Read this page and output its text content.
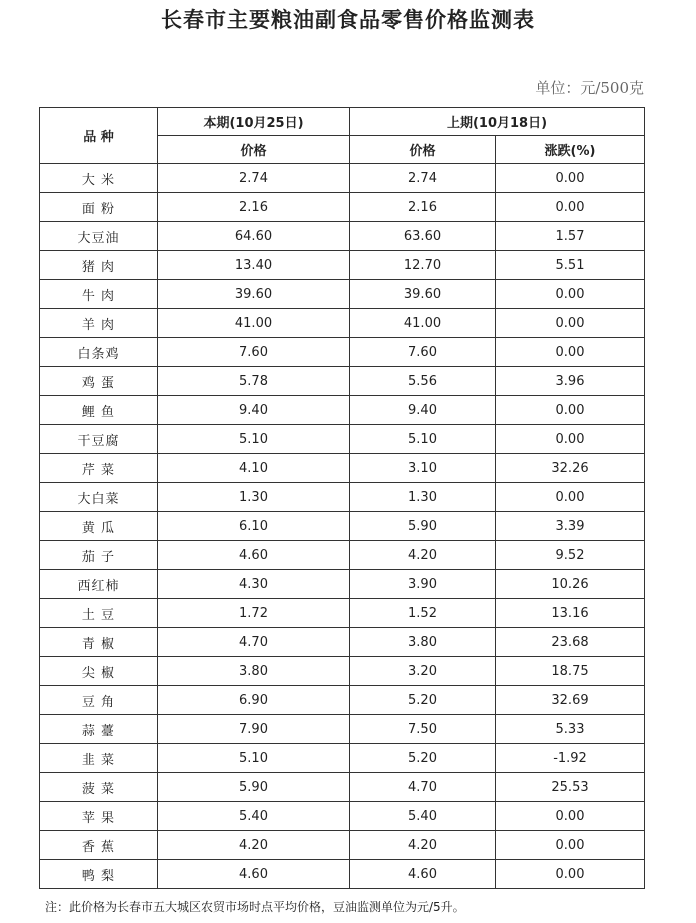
长春市主要粮油副食品零售价格监测表
单位：元/500克
品 种	本期(10月25日)	上期(10月18日)	
	价格	价格	涨跌(%)
大 米	2.74	2.74	0.00
面 粉	2.16	2.16	0.00
大豆油	64.60	63.60	1.57
猪 肉	13.40	12.70	5.51
牛 肉	39.60	39.60	0.00
羊 肉	41.00	41.00	0.00
白条鸡	7.60	7.60	0.00
鸡 蛋	5.78	5.56	3.96
鲤 鱼	9.40	9.40	0.00
干豆腐	5.10	5.10	0.00
芹 菜	4.10	3.10	32.26
大白菜	1.30	1.30	0.00
黄 瓜	6.10	5.90	3.39
茄 子	4.60	4.20	9.52
西红柿	4.30	3.90	10.26
土 豆	1.72	1.52	13.16
青 椒	4.70	3.80	23.68
尖 椒	3.80	3.20	18.75
豆 角	6.90	5.20	32.69
蒜 薹	7.90	7.50	5.33
韭 菜	5.10	5.20	-1.92
菠 菜	5.90	4.70	25.53
苹 果	5.40	5.40	0.00
香 蕉	4.20	4.20	0.00
鸭 梨	4.60	4.60	0.00
注：此价格为长春市五大城区农贸市场时点平均价格，豆油监测单位为元/5升。
